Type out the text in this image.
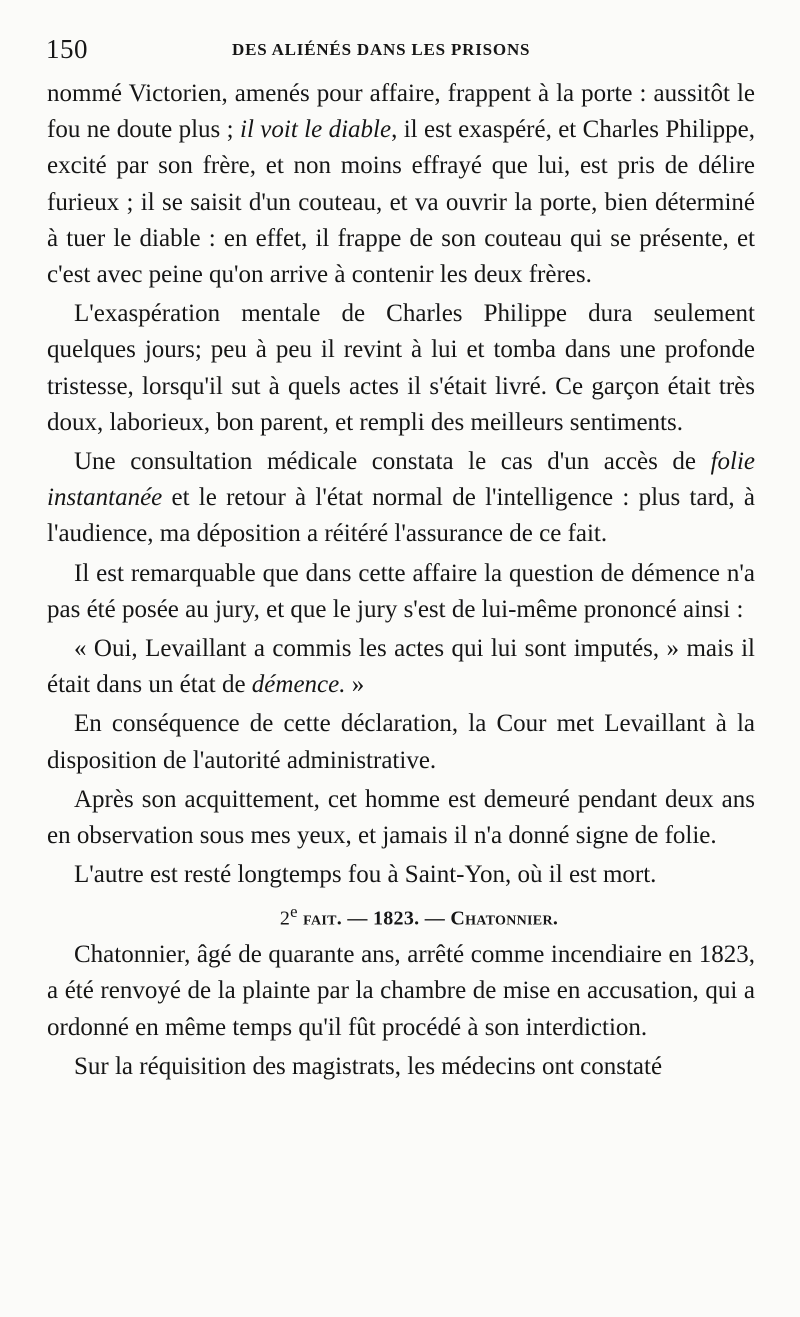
150	DES ALIÉNÉS DANS LES PRISONS

nommé Victorien, amenés pour affaire, frappent à la porte : aussitôt le fou ne doute plus ; il voit le diable, il est exaspéré, et Charles Philippe, excité par son frère, et non moins effrayé que lui, est pris de délire furieux ; il se saisit d'un couteau, et va ouvrir la porte, bien déterminé à tuer le diable : en effet, il frappe de son couteau qui se présente, et c'est avec peine qu'on arrive à contenir les deux frères.

L'exaspération mentale de Charles Philippe dura seulement quelques jours; peu à peu il revint à lui et tomba dans une profonde tristesse, lorsqu'il sut à quels actes il s'était livré. Ce garçon était très doux, laborieux, bon parent, et rempli des meilleurs sentiments.

Une consultation médicale constata le cas d'un accès de folie instantanée et le retour à l'état normal de l'intelligence : plus tard, à l'audience, ma déposition a réitéré l'assurance de ce fait.

Il est remarquable que dans cette affaire la question de démence n'a pas été posée au jury, et que le jury s'est de lui-même prononcé ainsi :

« Oui, Levaillant a commis les actes qui lui sont imputés, » mais il était dans un état de démence. »

En conséquence de cette déclaration, la Cour met Levaillant à la disposition de l'autorité administrative.

Après son acquittement, cet homme est demeuré pendant deux ans en observation sous mes yeux, et jamais il n'a donné signe de folie.

L'autre est resté longtemps fou à Saint-Yon, où il est mort.

2e fait. — 1823. — Chatonnier.

Chatonnier, âgé de quarante ans, arrêté comme incendiaire en 1823, a été renvoyé de la plainte par la chambre de mise en accusation, qui a ordonné en même temps qu'il fût procédé à son interdiction.

Sur la réquisition des magistrats, les médecins ont constaté
